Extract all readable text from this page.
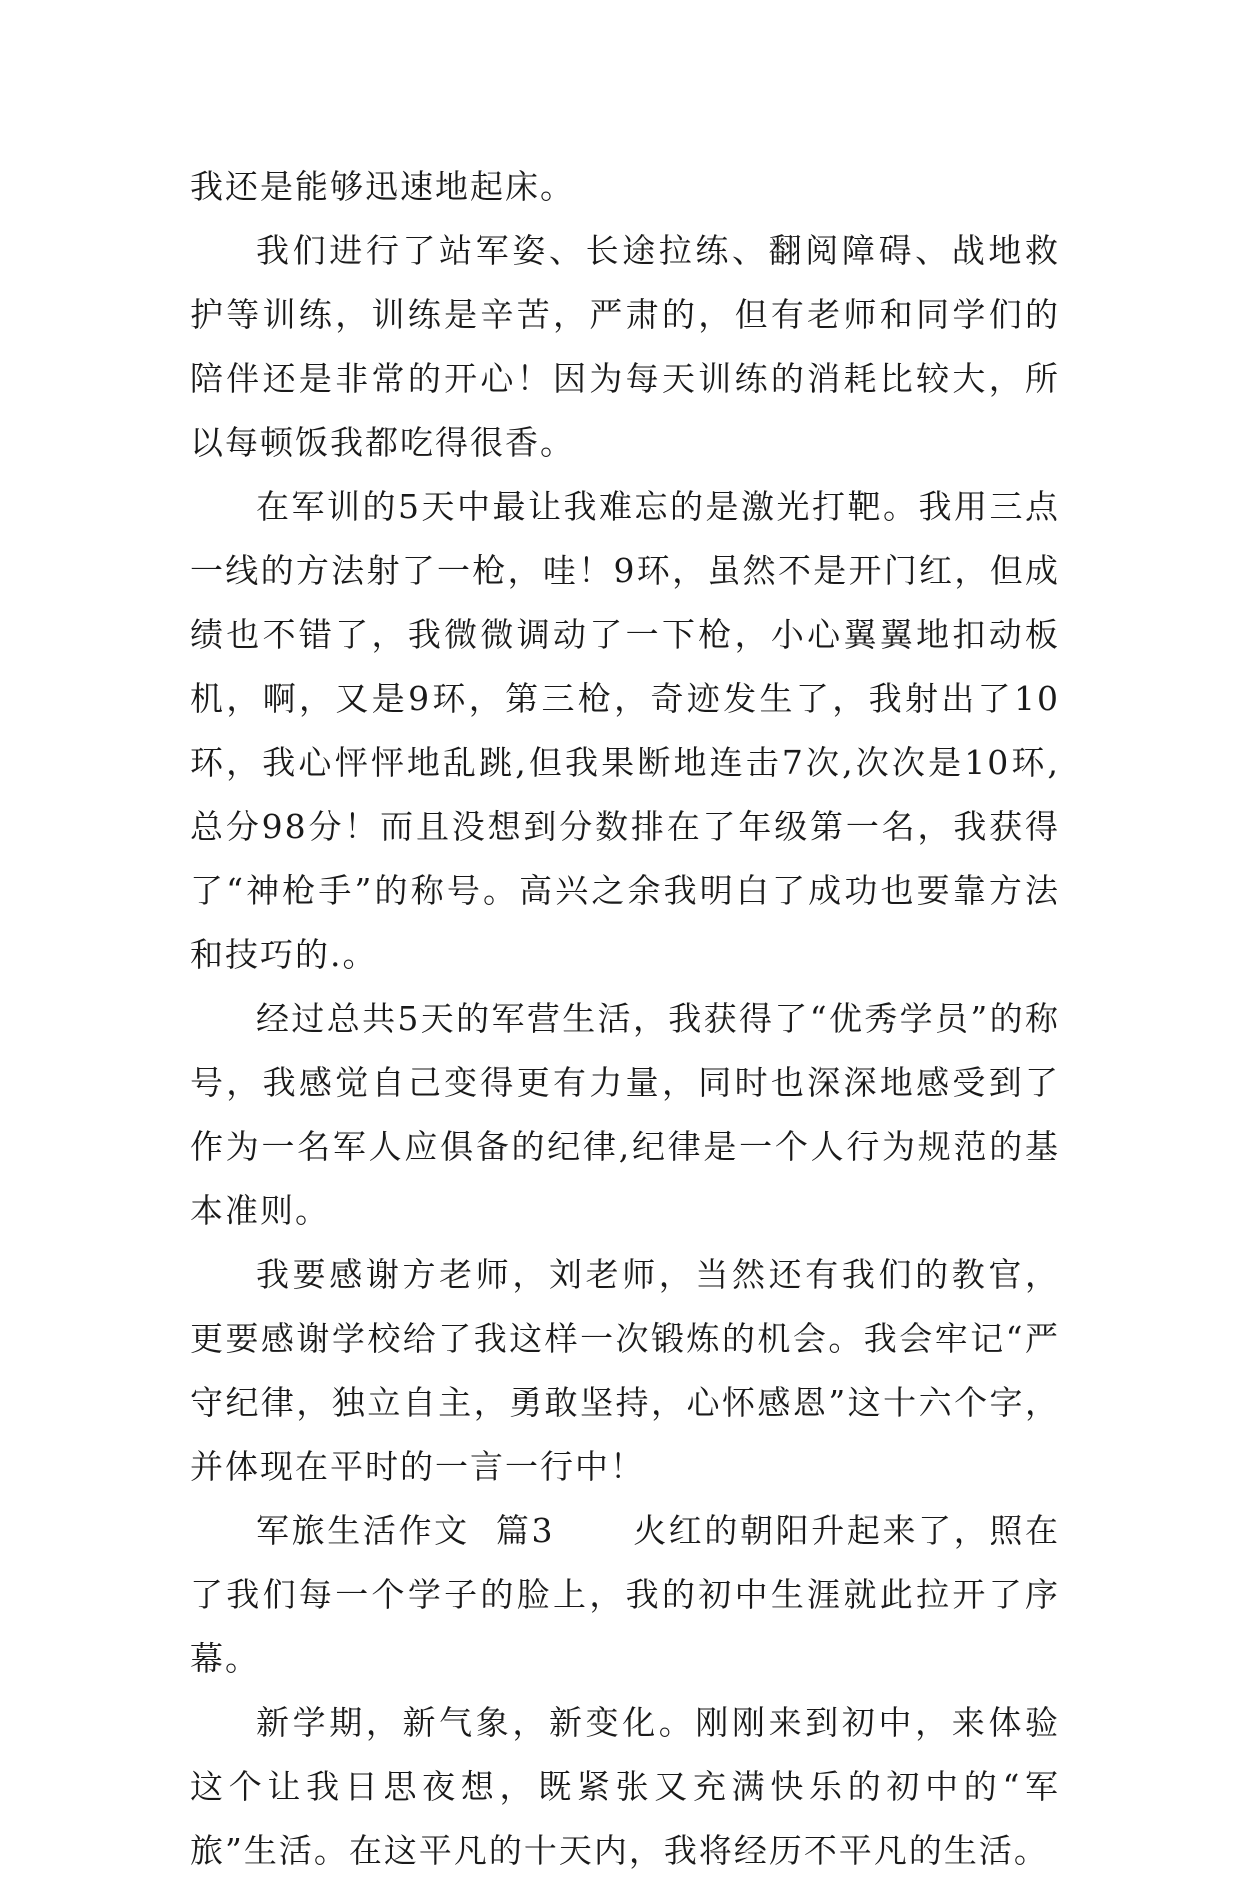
我还是能够迅速地起床。

我们进行了站军姿、长途拉练、翻阅障碍、战地救护等训练，训练是辛苦，严肃的，但有老师和同学们的陪伴还是非常的开心！因为每天训练的消耗比较大，所以每顿饭我都吃得很香。

在军训的5天中最让我难忘的是激光打靶。我用三点一线的方法射了一枪，哇！9环，虽然不是开门红，但成绩也不错了，我微微调动了一下枪，小心翼翼地扣动板机，啊，又是9环，第三枪，奇迹发生了，我射出了10环，我心怦怦地乱跳,但我果断地连击7次,次次是10环,总分98分！而且没想到分数排在了年级第一名，我获得了“神枪手”的称号。高兴之余我明白了成功也要靠方法和技巧的.。

经过总共5天的军营生活，我获得了“优秀学员”的称号，我感觉自己变得更有力量，同时也深深地感受到了作为一名军人应俱备的纪律,纪律是一个人行为规范的基本准则。

我要感谢方老师，刘老师，当然还有我们的教官，更要感谢学校给了我这样一次锻炼的机会。我会牢记“严守纪律，独立自主，勇敢坚持，心怀感恩”这十六个字，并体现在平时的一言一行中！

军旅生活作文  篇3      火红的朝阳升起来了，照在了我们每一个学子的脸上，我的初中生涯就此拉开了序幕。

新学期，新气象，新变化。刚刚来到初中，来体验这个让我日思夜想，既紧张又充满快乐的初中的“军旅”生活。在这平凡的十天内，我将经历不平凡的生活。
